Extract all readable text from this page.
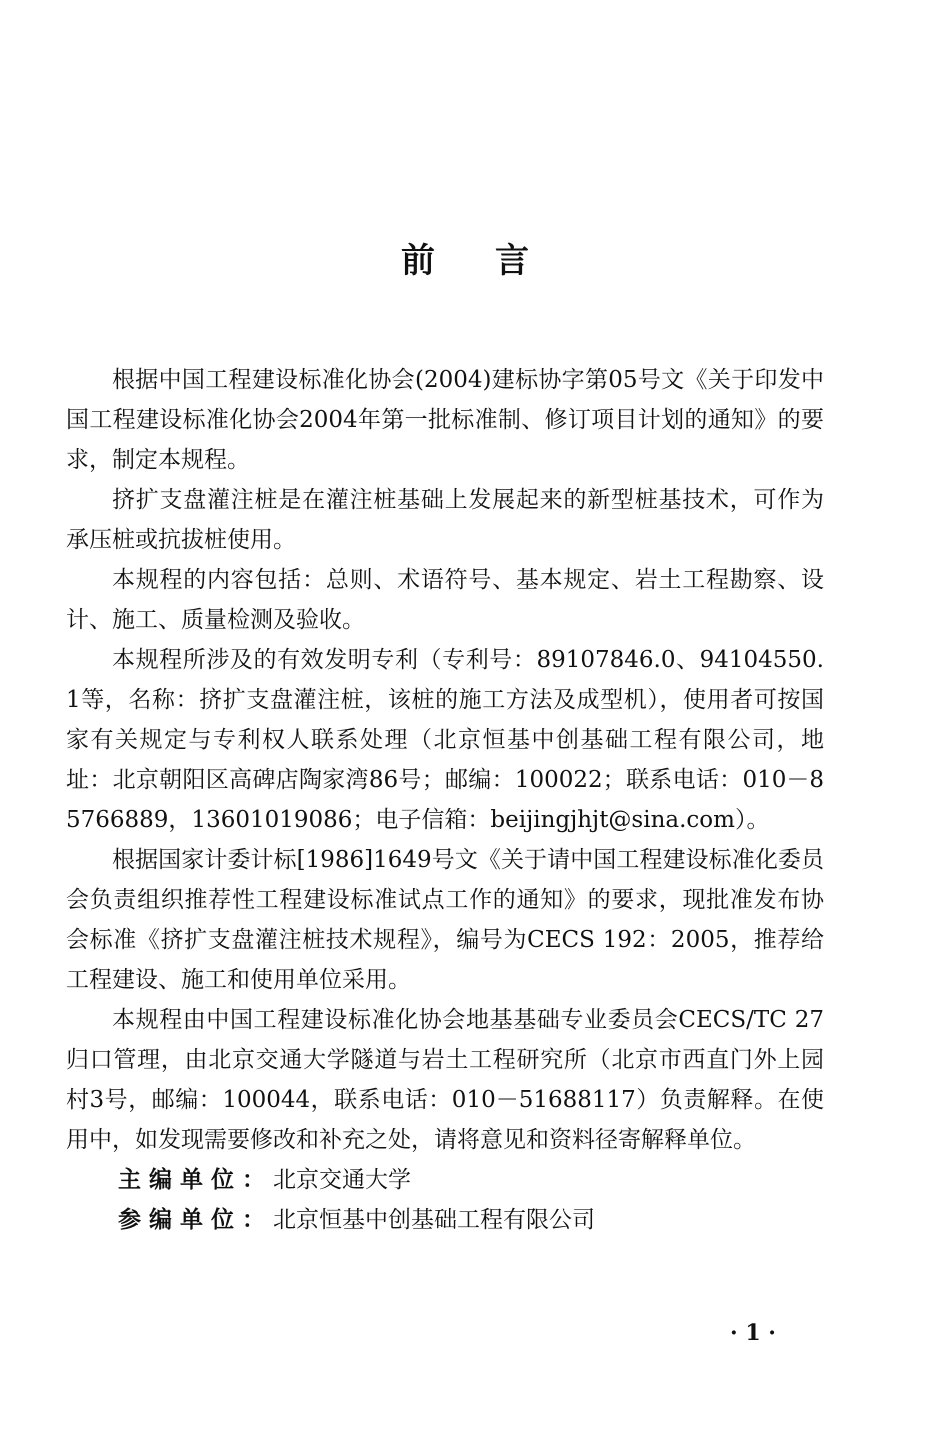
前言

根据中国工程建设标准化协会(2004)建标协字第05号文《关于印发中国工程建设标准化协会2004年第一批标准制、修订项目计划的通知》的要求，制定本规程。

挤扩支盘灌注桩是在灌注桩基础上发展起来的新型桩基技术，可作为承压桩或抗拔桩使用。

本规程的内容包括：总则、术语符号、基本规定、岩土工程勘察、设计、施工、质量检测及验收。

本规程所涉及的有效发明专利（专利号：89107846.0、94104550.1等，名称：挤扩支盘灌注桩，该桩的施工方法及成型机），使用者可按国家有关规定与专利权人联系处理（北京恒基中创基础工程有限公司，地址：北京朝阳区高碑店陶家湾86号；邮编：100022；联系电话：010－85766889，13601019086；电子信箱：beijingjhjt@sina.com）。

根据国家计委计标[1986]1649号文《关于请中国工程建设标准化委员会负责组织推荐性工程建设标准试点工作的通知》的要求，现批准发布协会标准《挤扩支盘灌注桩技术规程》，编号为CECS 192：2005，推荐给工程建设、施工和使用单位采用。

本规程由中国工程建设标准化协会地基基础专业委员会CECS/TC 27归口管理，由北京交通大学隧道与岩土工程研究所（北京市西直门外上园村3号，邮编：100044，联系电话：010－51688117）负责解释。在使用中，如发现需要修改和补充之处，请将意见和资料径寄解释单位。

主编单位：北京交通大学

参编单位：北京恒基中创基础工程有限公司

· 1 ·
